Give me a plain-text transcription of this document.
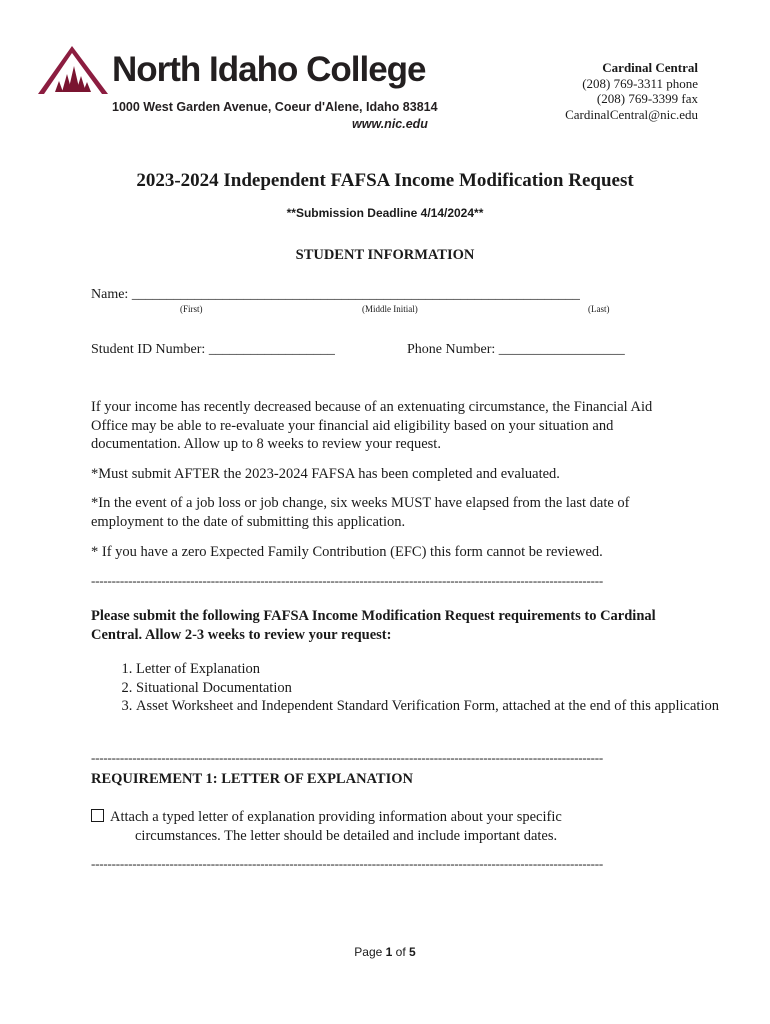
North Idaho College
1000 West Garden Avenue, Coeur d'Alene, Idaho 83814
www.nic.edu
Cardinal Central
(208) 769-3311 phone
(208) 769-3399 fax
CardinalCentral@nic.edu
2023-2024 Independent FAFSA Income Modification Request
**Submission Deadline 4/14/2024**
STUDENT INFORMATION
Name: ________________________________________________________________
(First)	(Middle Initial)	(Last)
Student ID Number: __________________	Phone Number: __________________
If your income has recently decreased because of an extenuating circumstance, the Financial Aid Office may be able to re-evaluate your financial aid eligibility based on your situation and documentation. Allow up to 8 weeks to review your request.
*Must submit AFTER the 2023-2024 FAFSA has been completed and evaluated.
*In the event of a job loss or job change, six weeks MUST have elapsed from the last date of employment to the date of submitting this application.
* If you have a zero Expected Family Contribution (EFC) this form cannot be reviewed.
----------------------------------------------------------------------------------------------------------------------------
Please submit the following FAFSA Income Modification Request requirements to Cardinal Central. Allow 2-3 weeks to review your request:
1. Letter of Explanation
2. Situational Documentation
3. Asset Worksheet and Independent Standard Verification Form, attached at the end of this application
----------------------------------------------------------------------------------------------------------------------------
REQUIREMENT 1: LETTER OF EXPLANATION
Attach a typed letter of explanation providing information about your specific
circumstances. The letter should be detailed and include important dates.
----------------------------------------------------------------------------------------------------------------------------
Page 1 of 5
